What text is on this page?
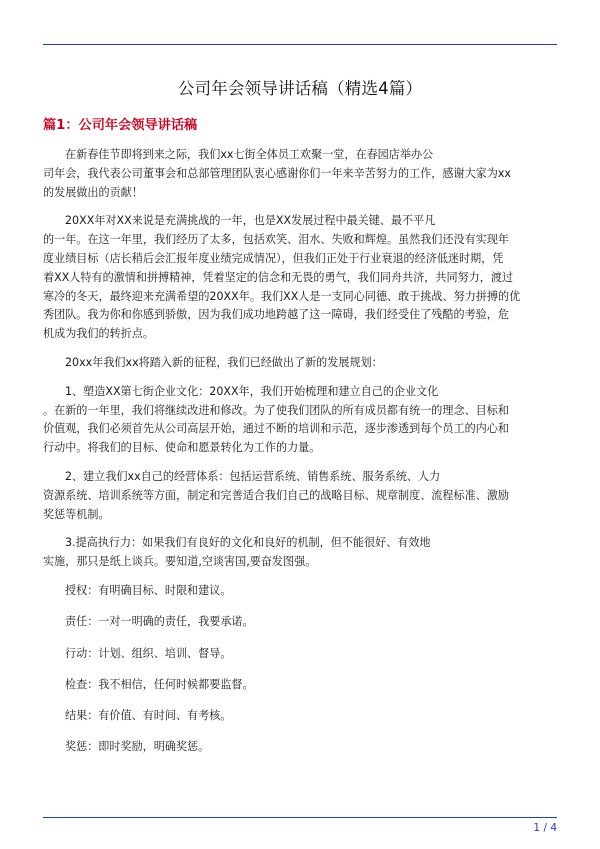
公司年会领导讲话稿（精选4篇）
篇1：公司年会领导讲话稿
在新春佳节即将到来之际，我们xx七街全体员工欢聚一堂，在春园店举办公
司年会，我代表公司董事会和总部管理团队衷心感谢你们一年来辛苦努力的工作，感谢大家为xx
的发展做出的贡献！
20XX年对XX来说是充满挑战的一年，也是XX发展过程中最关键、最不平凡
的一年。在这一年里，我们经历了太多，包括欢笑、泪水、失败和辉煌。虽然我们还没有实现年
度业绩目标（店长稍后会汇报年度业绩完成情况），但我们正处于行业衰退的经济低迷时期，凭
着XX人特有的激情和拼搏精神，凭着坚定的信念和无畏的勇气，我们同舟共济，共同努力，渡过
寒冷的冬天，最终迎来充满希望的20XX年。我们XX人是一支同心同德、敢于挑战、努力拼搏的优
秀团队。我为你和你感到骄傲，因为我们成功地跨越了这一障碍，我们经受住了残酷的考验，危
机成为我们的转折点。
20xx年我们xx将踏入新的征程，我们已经做出了新的发展规划：
1、塑造XX第七街企业文化：20XX年，我们开始梳理和建立自己的企业文化
。在新的一年里，我们将继续改进和修改。为了使我们团队的所有成员都有统一的理念、目标和
价值观，我们必须首先从公司高层开始，通过不断的培训和示范，逐步渗透到每个员工的内心和
行动中。将我们的目标、使命和愿景转化为工作的力量。
2、建立我们xx自己的经营体系：包括运营系统、销售系统、服务系统、人力
资源系统、培训系统等方面，制定和完善适合我们自己的战略目标、规章制度、流程标准、激励
奖惩等机制。
3.提高执行力：如果我们有良好的文化和良好的机制，但不能很好、有效地
实施，那只是纸上谈兵。要知道,空谈害国,要奋发图强。
授权：有明确目标、时限和建议。
责任：一对一明确的责任，我要承诺。
行动：计划、组织、培训、督导。
检查：我不相信，任何时候都要监督。
结果：有价值、有时间、有考核。
奖惩：即时奖励，明确奖惩。
1 / 4
